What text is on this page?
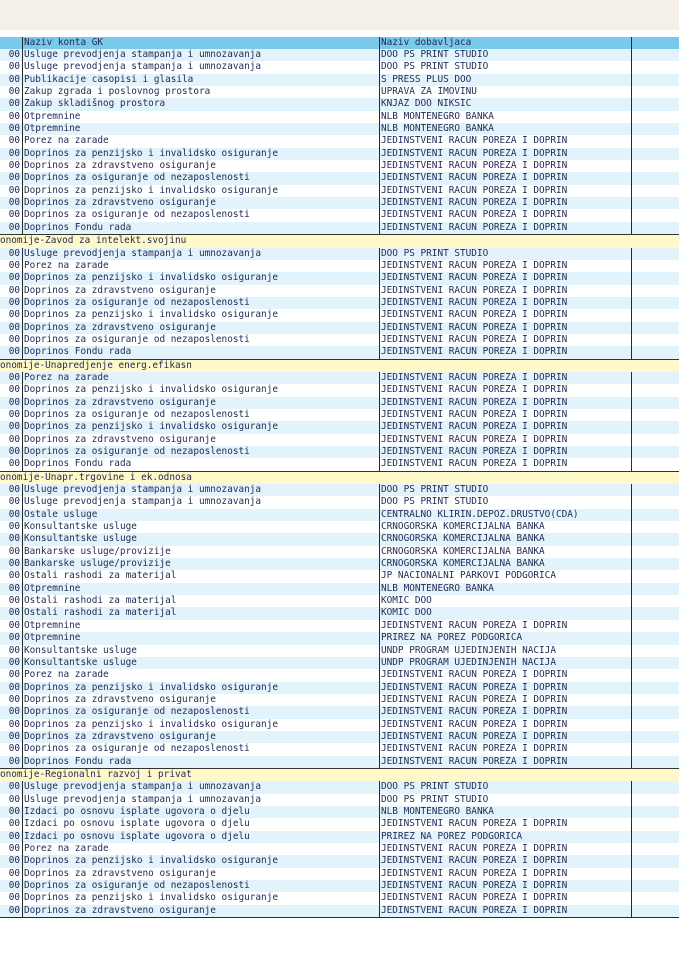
Naziv konta GK	Naziv dobavljaca
00 Usluge prevodjenja stampanja i umnozavanja	DOO PS PRINT STUDIO
00 Usluge prevodjenja stampanja i umnozavanja	DOO PS PRINT STUDIO
00 Publikacije casopisi i glasila	S PRESS PLUS DOO
00 Zakup zgrada i poslovnog prostora	UPRAVA ZA IMOVINU
00 Zakup skladišnog prostora	KNJAZ DOO NIKSIC
00 Otpremnine	NLB MONTENEGRO BANKA
00 Otpremnine	NLB MONTENEGRO BANKA
00 Porez na zarade	JEDINSTVENI RACUN POREZA I DOPRIN
00 Doprinos za penzijsko i invalidsko osiguranje	JEDINSTVENI RACUN POREZA I DOPRIN
00 Doprinos za zdravstveno osiguranje	JEDINSTVENI RACUN POREZA I DOPRIN
00 Doprinos za osiguranje od nezaposlenosti	JEDINSTVENI RACUN POREZA I DOPRIN
00 Doprinos za penzijsko i invalidsko osiguranje	JEDINSTVENI RACUN POREZA I DOPRIN
00 Doprinos za zdravstveno osiguranje	JEDINSTVENI RACUN POREZA I DOPRIN
00 Doprinos za osiguranje od nezaposlenosti	JEDINSTVENI RACUN POREZA I DOPRIN
00 Doprinos Fondu rada	JEDINSTVENI RACUN POREZA I DOPRIN
onomije-Zavod za intelekt.svojinu
00 Usluge prevodjenja stampanja i umnozavanja	DOO PS PRINT STUDIO
00 Porez na zarade	JEDINSTVENI RACUN POREZA I DOPRIN
00 Doprinos za penzijsko i invalidsko osiguranje	JEDINSTVENI RACUN POREZA I DOPRIN
00 Doprinos za zdravstveno osiguranje	JEDINSTVENI RACUN POREZA I DOPRIN
00 Doprinos za osiguranje od nezaposlenosti	JEDINSTVENI RACUN POREZA I DOPRIN
00 Doprinos za penzijsko i invalidsko osiguranje	JEDINSTVENI RACUN POREZA I DOPRIN
00 Doprinos za zdravstveno osiguranje	JEDINSTVENI RACUN POREZA I DOPRIN
00 Doprinos za osiguranje od nezaposlenosti	JEDINSTVENI RACUN POREZA I DOPRIN
00 Doprinos Fondu rada	JEDINSTVENI RACUN POREZA I DOPRIN
onomije-Unapredjenje energ.efikasn
00 Porez na zarade	JEDINSTVENI RACUN POREZA I DOPRIN
00 Doprinos za penzijsko i invalidsko osiguranje	JEDINSTVENI RACUN POREZA I DOPRIN
00 Doprinos za zdravstveno osiguranje	JEDINSTVENI RACUN POREZA I DOPRIN
00 Doprinos za osiguranje od nezaposlenosti	JEDINSTVENI RACUN POREZA I DOPRIN
00 Doprinos za penzijsko i invalidsko osiguranje	JEDINSTVENI RACUN POREZA I DOPRIN
00 Doprinos za zdravstveno osiguranje	JEDINSTVENI RACUN POREZA I DOPRIN
00 Doprinos za osiguranje od nezaposlenosti	JEDINSTVENI RACUN POREZA I DOPRIN
00 Doprinos Fondu rada	JEDINSTVENI RACUN POREZA I DOPRIN
onomije-Unapr.trgovine i ek.odnosa
00 Usluge prevodjenja stampanja i umnozavanja	DOO PS PRINT STUDIO
00 Usluge prevodjenja stampanja i umnozavanja	DOO PS PRINT STUDIO
00 Ostale usluge	CENTRALNO KLIRIN.DEPOZ.DRUSTVO(CDA)
00 Konsultantske usluge	CRNOGORSKA KOMERCIJALNA BANKA
00 Konsultantske usluge	CRNOGORSKA KOMERCIJALNA BANKA
00 Bankarske usluge/provizije	CRNOGORSKA KOMERCIJALNA BANKA
00 Bankarske usluge/provizije	CRNOGORSKA KOMERCIJALNA BANKA
00 Ostali rashodi za materijal	JP NACIONALNI PARKOVI PODGORICA
00 Otpremnine	NLB MONTENEGRO BANKA
00 Ostali rashodi za materijal	KOMIC DOO
00 Ostali rashodi za materijal	KOMIC DOO
00 Otpremnine	JEDINSTVENI RACUN POREZA I DOPRIN
00 Otpremnine	PRIREZ NA POREZ PODGORICA
00 Konsultantske usluge	UNDP PROGRAM UJEDINJENIH NACIJA
00 Konsultantske usluge	UNDP PROGRAM UJEDINJENIH NACIJA
00 Porez na zarade	JEDINSTVENI RACUN POREZA I DOPRIN
00 Doprinos za penzijsko i invalidsko osiguranje	JEDINSTVENI RACUN POREZA I DOPRIN
00 Doprinos za zdravstveno osiguranje	JEDINSTVENI RACUN POREZA I DOPRIN
00 Doprinos za osiguranje od nezaposlenosti	JEDINSTVENI RACUN POREZA I DOPRIN
00 Doprinos za penzijsko i invalidsko osiguranje	JEDINSTVENI RACUN POREZA I DOPRIN
00 Doprinos za zdravstveno osiguranje	JEDINSTVENI RACUN POREZA I DOPRIN
00 Doprinos za osiguranje od nezaposlenosti	JEDINSTVENI RACUN POREZA I DOPRIN
00 Doprinos Fondu rada	JEDINSTVENI RACUN POREZA I DOPRIN
onomije-Regionalni razvoj i privat
00 Usluge prevodjenja stampanja i umnozavanja	DOO PS PRINT STUDIO
00 Usluge prevodjenja stampanja i umnozavanja	DOO PS PRINT STUDIO
00 Izdaci po osnovu isplate ugovora o djelu	NLB MONTENEGRO BANKA
00 Izdaci po osnovu isplate ugovora o djelu	JEDINSTVENI RACUN POREZA I DOPRIN
00 Izdaci po osnovu isplate ugovora o djelu	PRIREZ NA POREZ PODGORICA
00 Porez na zarade	JEDINSTVENI RACUN POREZA I DOPRIN
00 Doprinos za penzijsko i invalidsko osiguranje	JEDINSTVENI RACUN POREZA I DOPRIN
00 Doprinos za zdravstveno osiguranje	JEDINSTVENI RACUN POREZA I DOPRIN
00 Doprinos za osiguranje od nezaposlenosti	JEDINSTVENI RACUN POREZA I DOPRIN
00 Doprinos za penzijsko i invalidsko osiguranje	JEDINSTVENI RACUN POREZA I DOPRIN
00 Doprinos za zdravstveno osiguranje	JEDINSTVENI RACUN POREZA I DOPRIN
